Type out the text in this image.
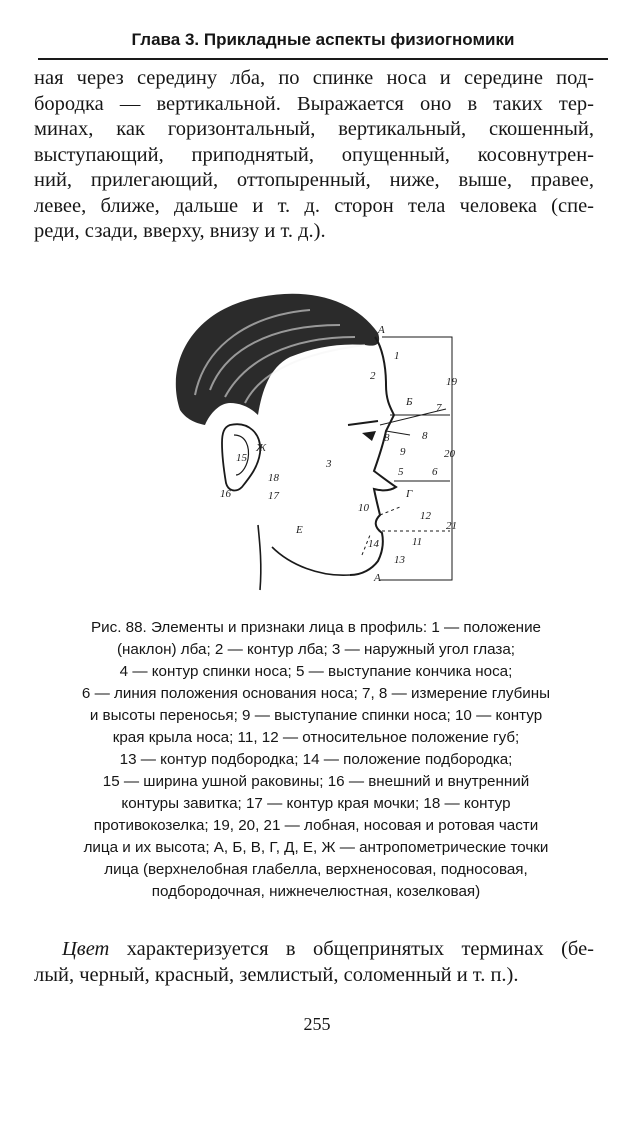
Глава 3. Прикладные аспекты физиогномики
ная через середину лба, по спинке носа и середине под-
бородка — вертикальной. Выражается оно в таких тер-
минах, как горизонтальный, вертикальный, скошенный,
выступающий, приподнятый, опущенный, косовнутрен-
ний, прилегающий, оттопыренный, ниже, выше, правее,
левее, ближе, дальше и т. д. сторон тела человека (спе-
реди, сзади, вверху, внизу и т. д.).
А
1
2	19
Б 7
8	8
3
9	20
5	6
Г
10
12
21
11
14
13
А
Е
15
Ж
18
16	17
Рис. 88. Элементы и признаки лица в профиль: 1 — положение
(наклон) лба; 2 — контур лба; 3 — наружный угол глаза;
4 — контур спинки носа; 5 — выступание кончика носа;
6 — линия положения основания носа; 7, 8 — измерение глубины
и высоты переносья; 9 — выступание спинки носа; 10 — контур
края крыла носа; 11, 12 — относительное положение губ;
13 — контур подбородка; 14 — положение подбородка;
15 — ширина ушной раковины; 16 — внешний и внутренний
контуры завитка; 17 — контур края мочки; 18 — контур
противокозелка; 19, 20, 21 — лобная, носовая и ротовая части
лица и их высота; А, Б, В, Г, Д, Е, Ж — антропометрические точки
лица (верхнелобная глабелла, верхненосовая, подносовая,
подбородочная, нижнечелюстная, козелковая)
Цвет характеризуется в общепринятых терминах (бе-
лый, черный, красный, землистый, соломенный и т. п.).
255
